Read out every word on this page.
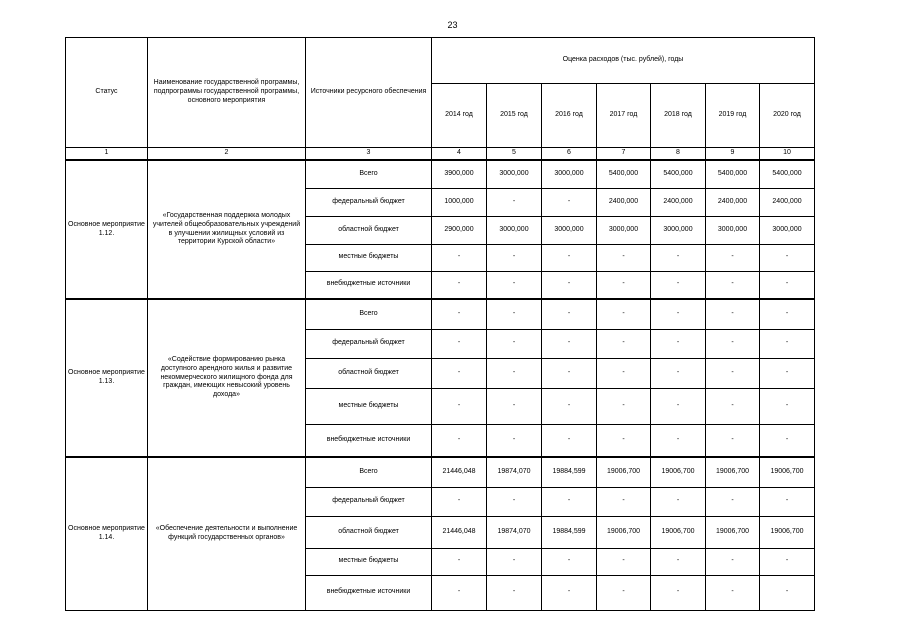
23
Статус	Наименование государственной программы, подпрограммы государственной программы, основного мероприятия	Источники ресурсного обеспечения	Оценка расходов (тыс. рублей), годы						
			2014 год	2015 год	2016 год	2017 год	2018 год	2019 год	2020 год
1	2	3	4	5	6	7	8	9	10
Основное мероприятие 1.12.	«Государственная поддержка молодых учителей общеобразовательных учреждений в улучшении жилищных условий из территории Курской области»	Всего	3900,000	3000,000	3000,000	5400,000	5400,000	5400,000	5400,000
		федеральный бюджет	1000,000	-	-	2400,000	2400,000	2400,000	2400,000
		областной бюджет	2900,000	3000,000	3000,000	3000,000	3000,000	3000,000	3000,000
		местные бюджеты	-	-	-	-	-	-	-
		внебюджетные источники	-	-	-	-	-	-	-
Основное мероприятие 1.13.	«Содействие формированию рынка доступного арендного жилья и развитие некоммерческого жилищного фонда для граждан, имеющих невысокий уровень дохода»	Всего	-	-	-	-	-	-	-
		федеральный бюджет	-	-	-	-	-	-	-
		областной бюджет	-	-	-	-	-	-	-
		местные бюджеты	-	-	-	-	-	-	-
		внебюджетные источники	-	-	-	-	-	-	-
Основное мероприятие 1.14.	«Обеспечение деятельности и выполнение функций государственных органов»	Всего	21446,048	19874,070	19884,599	19006,700	19006,700	19006,700	19006,700
		федеральный бюджет	-	-	-	-	-	-	-
		областной бюджет	21446,048	19874,070	19884,599	19006,700	19006,700	19006,700	19006,700
		местные бюджеты	-	-	-	-	-	-	-
		внебюджетные источники	-	-	-	-	-	-	-
